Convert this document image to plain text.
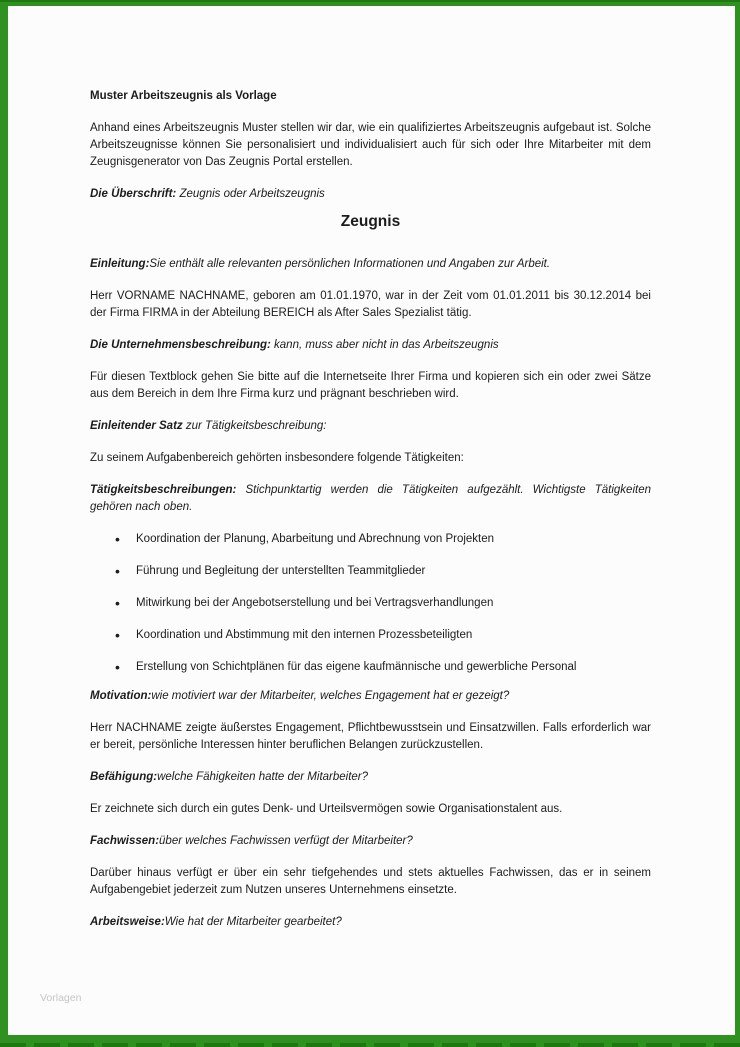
Muster Arbeitszeugnis als Vorlage

Anhand eines Arbeitszeugnis Muster stellen wir dar, wie ein qualifiziertes Arbeitszeugnis aufgebaut ist. Solche Arbeitszeugnisse können Sie personalisiert und individualisiert auch für sich oder Ihre Mitarbeiter mit dem Zeugnisgenerator von Das Zeugnis Portal erstellen.

Die Überschrift: Zeugnis oder Arbeitszeugnis

Zeugnis

Einleitung:Sie enthält alle relevanten persönlichen Informationen und Angaben zur Arbeit.

Herr VORNAME NACHNAME, geboren am 01.01.1970, war in der Zeit vom 01.01.2011 bis 30.12.2014 bei der Firma FIRMA in der Abteilung BEREICH als After Sales Spezialist tätig.

Die Unternehmensbeschreibung: kann, muss aber nicht in das Arbeitszeugnis

Für diesen Textblock gehen Sie bitte auf die Internetseite Ihrer Firma und kopieren sich ein oder zwei Sätze aus dem Bereich in dem Ihre Firma kurz und prägnant beschrieben wird.

Einleitender Satz zur Tätigkeitsbeschreibung:

Zu seinem Aufgabenbereich gehörten insbesondere folgende Tätigkeiten:

Tätigkeitsbeschreibungen: Stichpunktartig werden die Tätigkeiten aufgezählt. Wichtigste Tätigkeiten gehören nach oben.

• Koordination der Planung, Abarbeitung und Abrechnung von Projekten
• Führung und Begleitung der unterstellten Teammitglieder
• Mitwirkung bei der Angebotserstellung und bei Vertragsverhandlungen
• Koordination und Abstimmung mit den internen Prozessbeteiligten
• Erstellung von Schichtplänen für das eigene kaufmännische und gewerbliche Personal

Motivation:wie motiviert war der Mitarbeiter, welches Engagement hat er gezeigt?

Herr NACHNAME zeigte äußerstes Engagement, Pflichtbewusstsein und Einsatzwillen. Falls erforderlich war er bereit, persönliche Interessen hinter beruflichen Belangen zurückzustellen.

Befähigung:welche Fähigkeiten hatte der Mitarbeiter?

Er zeichnete sich durch ein gutes Denk- und Urteilsvermögen sowie Organisationstalent aus.

Fachwissen:über welches Fachwissen verfügt der Mitarbeiter?

Darüber hinaus verfügt er über ein sehr tiefgehendes und stets aktuelles Fachwissen, das er in seinem Aufgabengebiet jederzeit zum Nutzen unseres Unternehmens einsetzte.

Arbeitsweise:Wie hat der Mitarbeiter gearbeitet?

Vorlagen
